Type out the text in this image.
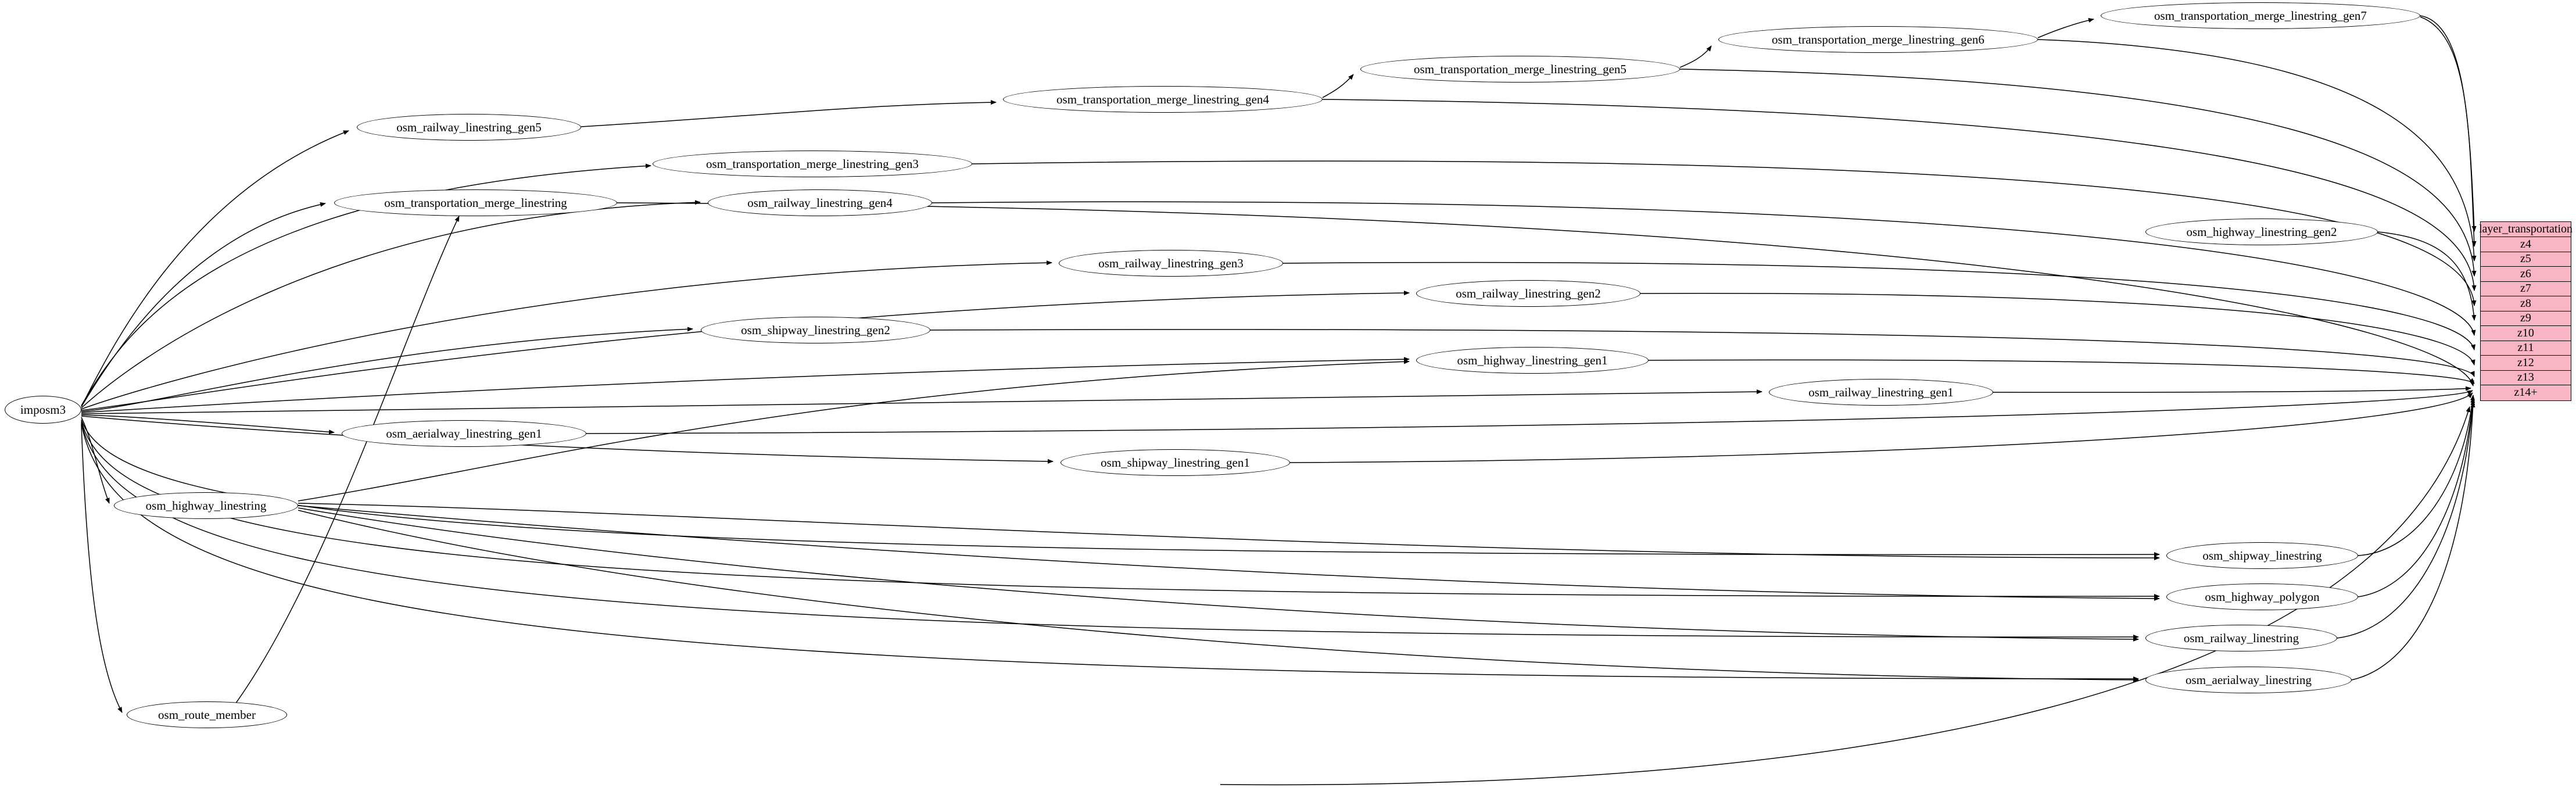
imposm3
osm_transportation_merge_linestring_gen7
osm_transportation_merge_linestring_gen6
osm_transportation_merge_linestring_gen5
osm_transportation_merge_linestring_gen4
osm_railway_linestring_gen5
osm_transportation_merge_linestring_gen3
osm_transportation_merge_linestring	osm_railway_linestring_gen4
osm_highway_linestring_gen2
osm_railway_linestring_gen3
osm_railway_linestring_gen2
osm_shipway_linestring_gen2
osm_highway_linestring_gen1
osm_railway_linestring_gen1
osm_aerialway_linestring_gen1
osm_shipway_linestring_gen1
osm_highway_linestring
osm_shipway_linestring
osm_highway_polygon
osm_railway_linestring
osm_aerialway_linestring
osm_route_member
layer_transportation
z4
z5
z6
z7
z8
z9
z10
z11
z12
z13
z14+
